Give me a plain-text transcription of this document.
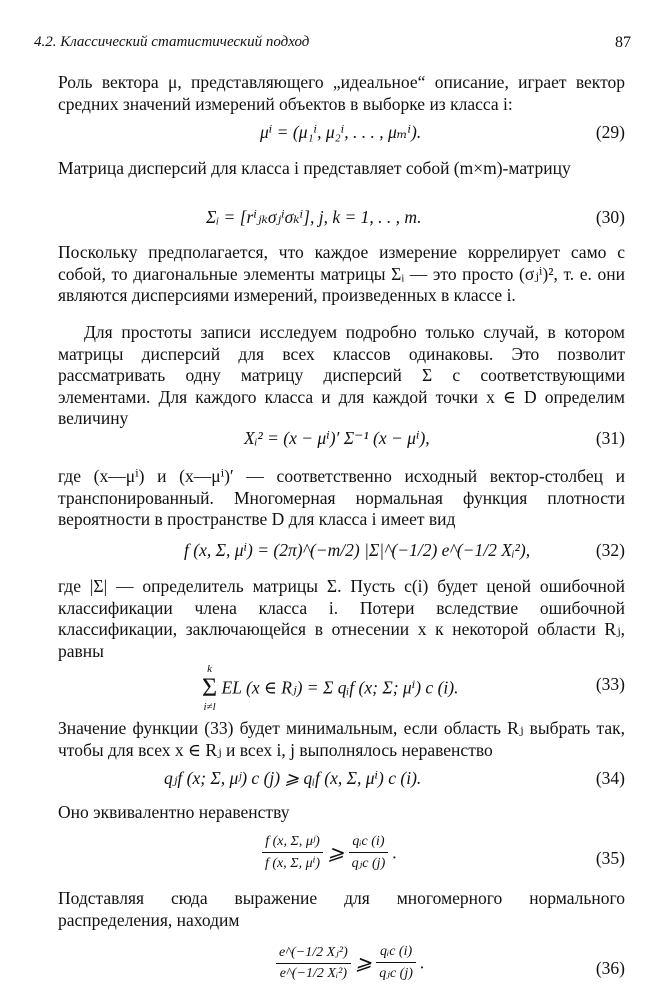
4.2. Классический статистический подход	87
Роль вектора μ, представляющего „идеальное“ описание, играет вектор средних значений измерений объектов в выборке из класса i:
μⁱ = (μ₁ⁱ, μ₂ⁱ, . . . , μₘⁱ).	(29)
Матрица дисперсий для класса i представляет собой (m×m)-матрицу
Σᵢ = [rⁱⱼₖσⱼⁱσₖⁱ], j, k = 1, . . , m.	(30)
Поскольку предполагается, что каждое измерение коррелирует само с собой, то диагональные элементы матрицы Σᵢ — это просто (σⱼⁱ)², т. е. они являются дисперсиями измерений, произведенных в классе i.
Для простоты записи исследуем подробно только случай, в котором матрицы дисперсий для всех классов одинаковы. Это позволит рассматривать одну матрицу дисперсий Σ с соответствующими элементами. Для каждого класса и для каждой точки x ∈ D определим величину
Xᵢ² = (x − μⁱ)′ Σ⁻¹ (x − μⁱ),	(31)
где (x—μⁱ) и (x—μⁱ)′ — соответственно исходный вектор-столбец и транспонированный. Многомерная нормальная функция плотности вероятности в пространстве D для класса i имеет вид
f (x, Σ, μⁱ) = (2π)^(−m/2) |Σ|^(−1/2) e^(−1/2 Xᵢ²),	(32)
где |Σ| — определитель матрицы Σ. Пусть c(i) будет ценой ошибочной классификации члена класса i. Потери вследствие ошибочной классификации, заключающейся в отнесении x к некоторой области Rⱼ, равны
k
Σ
i≠l
EL (x ∈ Rⱼ) = Σ qᵢf (x; Σ; μⁱ) c (i).	(33)
Значение функции (33) будет минимальным, если область Rⱼ выбрать так, чтобы для всех x ∈ Rⱼ и всех i, j выполнялось неравенство
qⱼf (x; Σ, μʲ) c (j) ⩾ qᵢf (x, Σ, μⁱ) c (i).	(34)
Оно эквивалентно неравенству
$\frac{\text{f (x, Σ, μʲ)}}{\text{f (x, Σ, μⁱ)}}$ ⩾ $\frac{\text{qᵢc (i)}}{\text{qⱼc (j)}}$ .	(35)
Подставляя сюда выражение для многомерного нормального распределения, находим
$\frac{\text{e\textasciicircum{}(−1/2 Xⱼ²)}}{\text{e\textasciicircum{}(−1/2 Xᵢ²)}}$ ⩾ $\frac{\text{qᵢc (i)}}{\text{qⱼc (j)}}$ .	(36)
